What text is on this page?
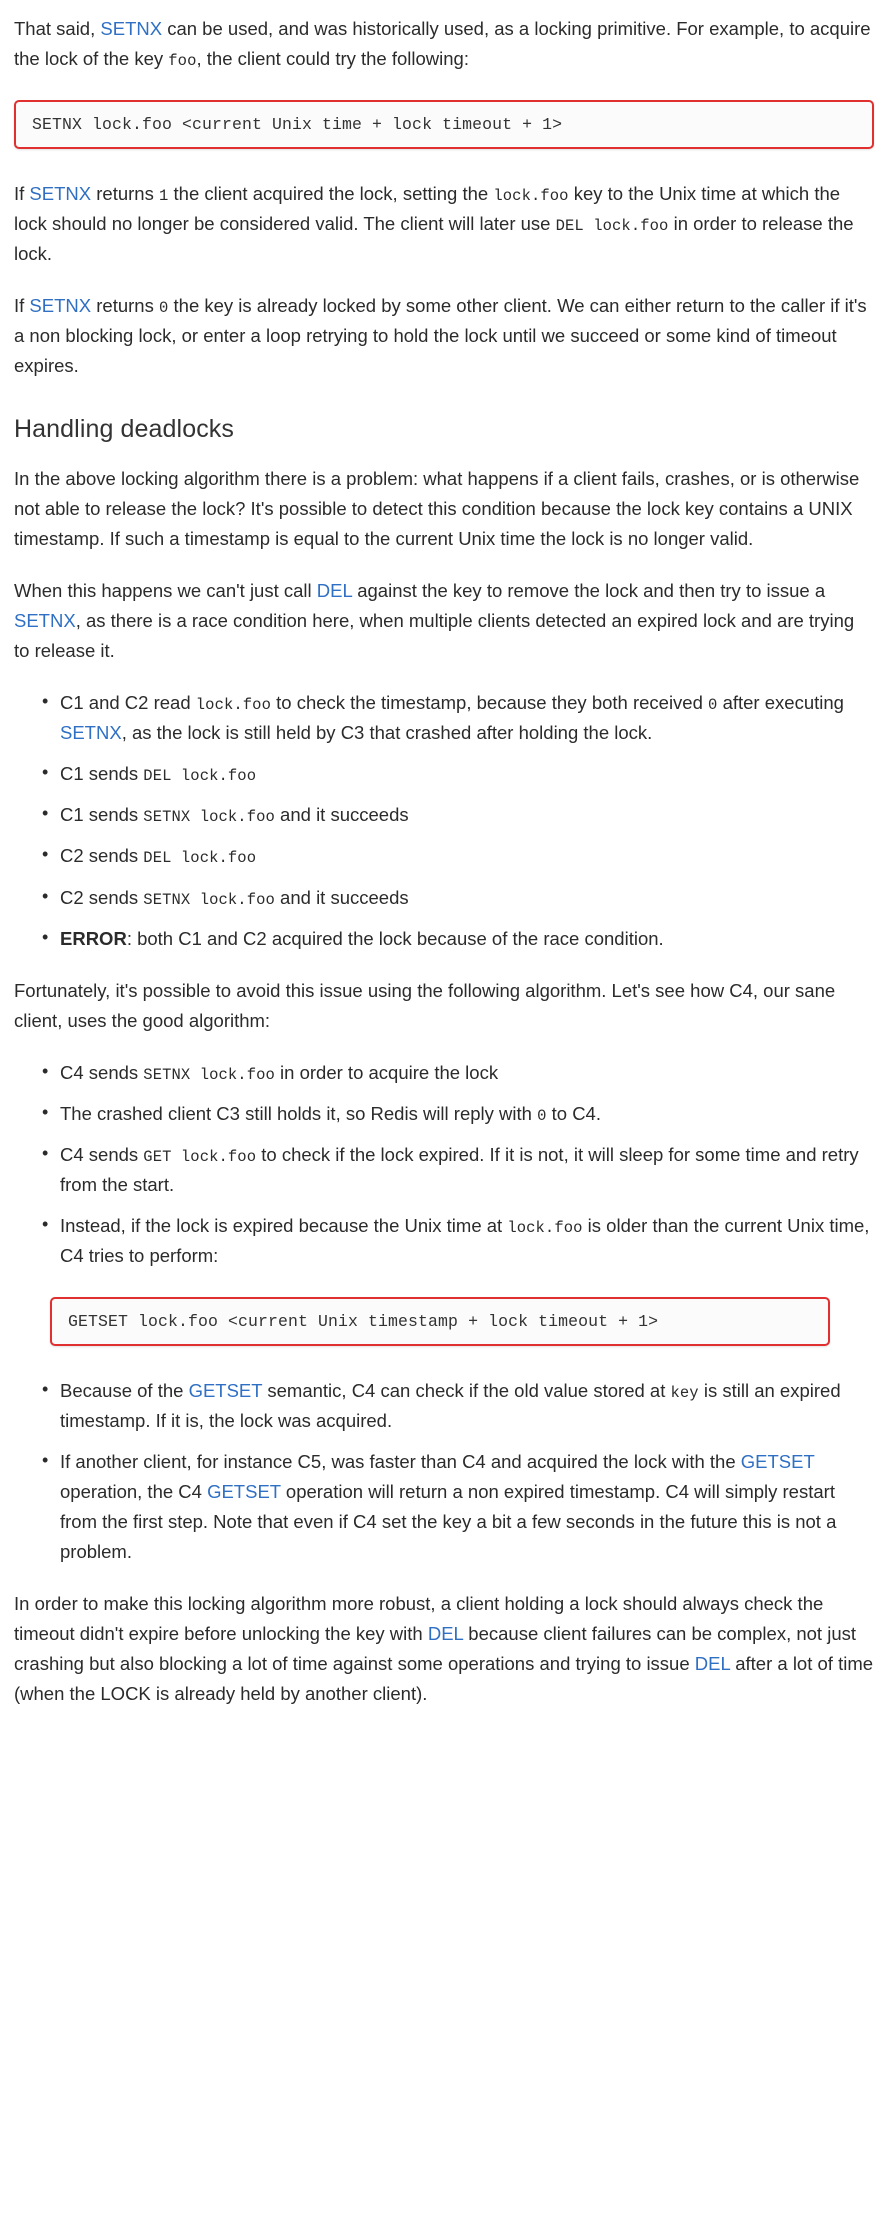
That said, SETNX can be used, and was historically used, as a locking primitive. For example, to acquire the lock of the key foo, the client could try the following:

SETNX lock.foo <current Unix time + lock timeout + 1>

If SETNX returns 1 the client acquired the lock, setting the lock.foo key to the Unix time at which the lock should no longer be considered valid. The client will later use DEL lock.foo in order to release the lock.

If SETNX returns 0 the key is already locked by some other client. We can either return to the caller if it's a non blocking lock, or enter a loop retrying to hold the lock until we succeed or some kind of timeout expires.

Handling deadlocks

In the above locking algorithm there is a problem: what happens if a client fails, crashes, or is otherwise not able to release the lock? It's possible to detect this condition because the lock key contains a UNIX timestamp. If such a timestamp is equal to the current Unix time the lock is no longer valid.

When this happens we can't just call DEL against the key to remove the lock and then try to issue a SETNX, as there is a race condition here, when multiple clients detected an expired lock and are trying to release it.

• C1 and C2 read lock.foo to check the timestamp, because they both received 0 after executing SETNX, as the lock is still held by C3 that crashed after holding the lock.
• C1 sends DEL lock.foo
• C1 sends SETNX lock.foo and it succeeds
• C2 sends DEL lock.foo
• C2 sends SETNX lock.foo and it succeeds
• ERROR: both C1 and C2 acquired the lock because of the race condition.

Fortunately, it's possible to avoid this issue using the following algorithm. Let's see how C4, our sane client, uses the good algorithm:

• C4 sends SETNX lock.foo in order to acquire the lock
• The crashed client C3 still holds it, so Redis will reply with 0 to C4.
• C4 sends GET lock.foo to check if the lock expired. If it is not, it will sleep for some time and retry from the start.
• Instead, if the lock is expired because the Unix time at lock.foo is older than the current Unix time, C4 tries to perform:
GETSET lock.foo <current Unix timestamp + lock timeout + 1>
• Because of the GETSET semantic, C4 can check if the old value stored at key is still an expired timestamp. If it is, the lock was acquired.
• If another client, for instance C5, was faster than C4 and acquired the lock with the GETSET operation, the C4 GETSET operation will return a non expired timestamp. C4 will simply restart from the first step. Note that even if C4 set the key a bit a few seconds in the future this is not a problem.

In order to make this locking algorithm more robust, a client holding a lock should always check the timeout didn't expire before unlocking the key with DEL because client failures can be complex, not just crashing but also blocking a lot of time against some operations and trying to issue DEL after a lot of time (when the LOCK is already held by another client).
